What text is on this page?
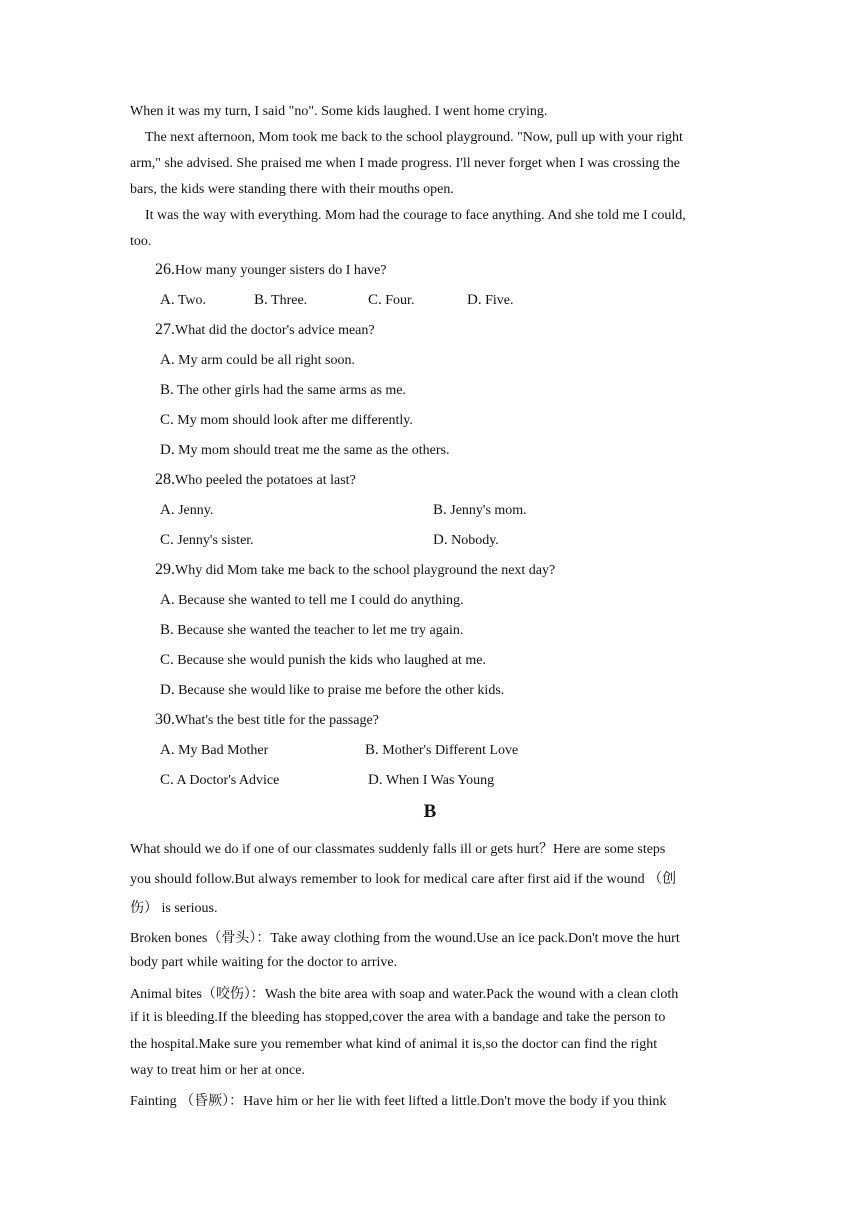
When it was my turn, I said "no". Some kids laughed. I went home crying.
The next afternoon, Mom took me back to the school playground. "Now, pull up with your right
arm," she advised. She praised me when I made progress. I'll never forget when I was crossing the
bars, the kids were standing there with their mouths open.
It was the way with everything. Mom had the courage to face anything. And she told me I could,
too.
26.How many younger sisters do I have?
A. Two.	B. Three.	C. Four.	D. Five.
27.What did the doctor's advice mean?
A. My arm could be all right soon.
B. The other girls had the same arms as me.
C. My mom should look after me differently.
D. My mom should treat me the same as the others.
28.Who peeled the potatoes at last?
A. Jenny.	B. Jenny's mom.
C. Jenny's sister.	D. Nobody.
29.Why did Mom take me back to the school playground the next day?
A. Because she wanted to tell me I could do anything.
B. Because she wanted the teacher to let me try again.
C. Because she would punish the kids who laughed at me.
D. Because she would like to praise me before the other kids.
30.What's the best title for the passage?
A. My Bad Mother	B. Mother's Different Love
C. A Doctor's Advice	D. When I Was Young
B
What should we do if one of our classmates suddenly falls ill or gets hurt？Here are some steps
you should follow.But always remember to look for medical care after first aid if the wound （创
伤） is serious.
Broken bones（骨头）：Take away clothing from the wound.Use an ice pack.Don't move the hurt
body part while waiting for the doctor to arrive.
Animal bites（咬伤）：Wash the bite area with soap and water.Pack the wound with a clean cloth
if it is bleeding.If the bleeding has stopped,cover the area with a bandage and take the person to
the hospital.Make sure you remember what kind of animal it is,so the doctor can find the right
way to treat him or her at once.
Fainting （昏厥）：Have him or her lie with feet lifted a little.Don't move the body if you think
